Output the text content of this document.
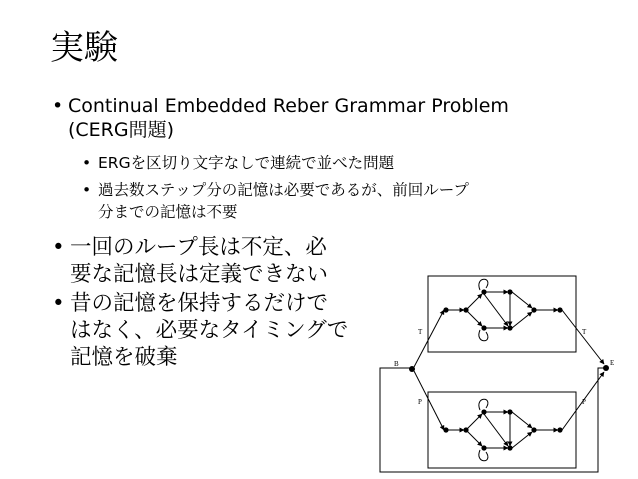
実験
• Continual Embedded Reber Grammar Problem
(CERG問題)
• ERGを区切り文字なしで連続で並べた問題
• 過去数ステップ分の記憶は必要であるが、前回ループ
分までの記憶は不要
• 一回のループ長は不定、必
要な記憶長は定義できない
• 昔の記憶を保持するだけで
はなく、必要なタイミングで
記憶を破棄	B	E
T
P
T
P
